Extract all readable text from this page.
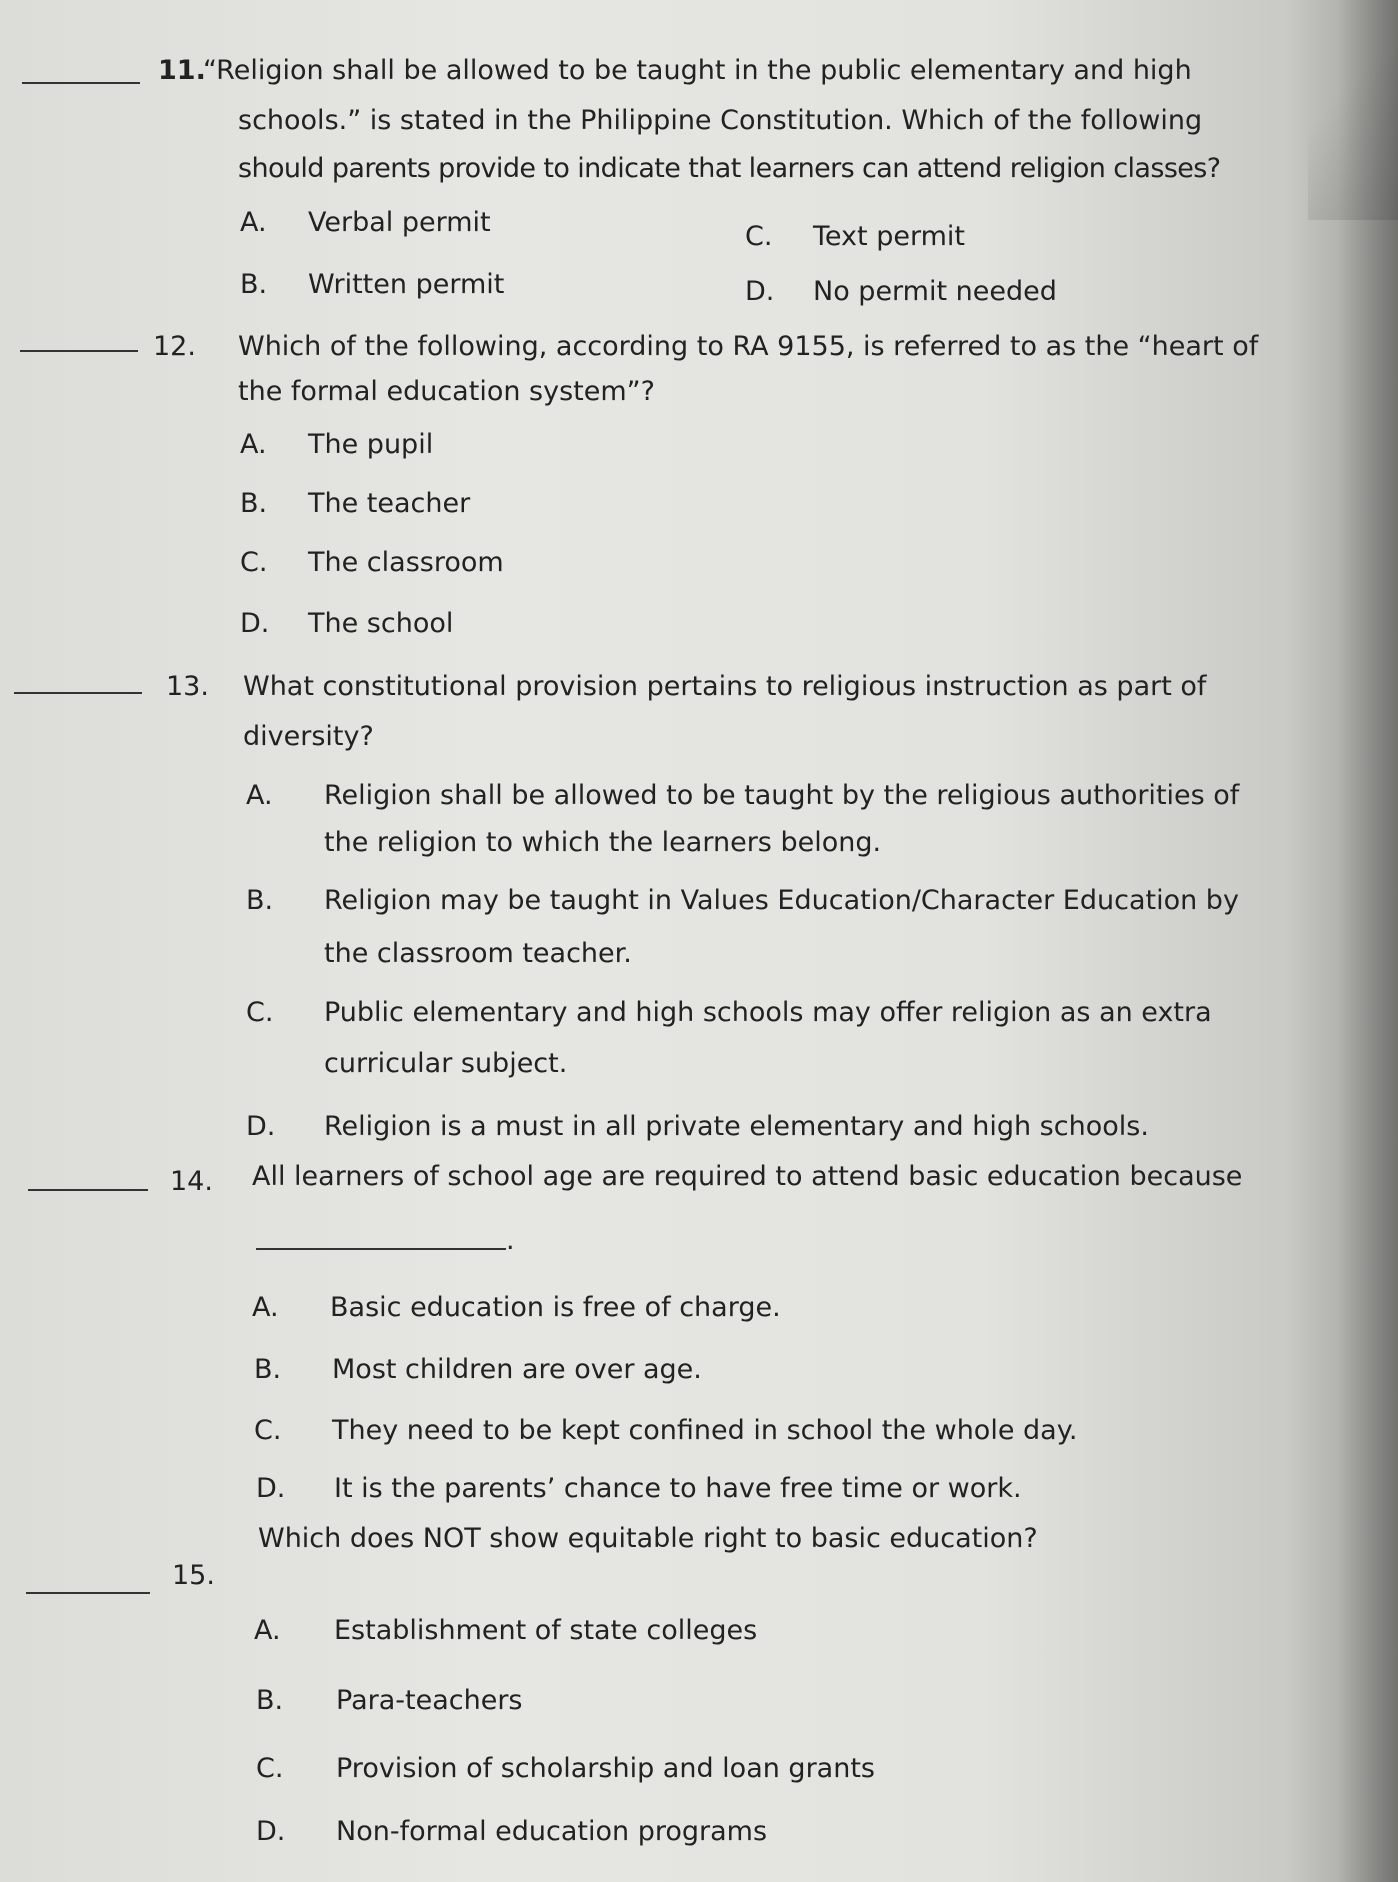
11.
“Religion shall be allowed to be taught in the public elementary and high
schools.” is stated in the Philippine Constitution. Which of the following
should parents provide to indicate that learners can attend religion classes?
A. Verbal permit
B. Written permit
C. Text permit
D. No permit needed
12. Which of the following, according to RA 9155, is referred to as the “heart of
the formal education system”?
A. The pupil
B. The teacher
C. The classroom
D. The school
13. What constitutional provision pertains to religious instruction as part of
diversity?
A. Religion shall be allowed to be taught by the religious authorities of
the religion to which the learners belong.
B. Religion may be taught in Values Education/Character Education by
the classroom teacher.
C. Public elementary and high schools may offer religion as an extra
curricular subject.
D. Religion is a must in all private elementary and high schools.
14. All learners of school age are required to attend basic education because
.
A. Basic education is free of charge.
B. Most children are over age.
C. They need to be kept confined in school the whole day.
D. It is the parents’ chance to have free time or work.
15.
Which does NOT show equitable right to basic education?
A. Establishment of state colleges
B. Para-teachers
C. Provision of scholarship and loan grants
D. Non-formal education programs
